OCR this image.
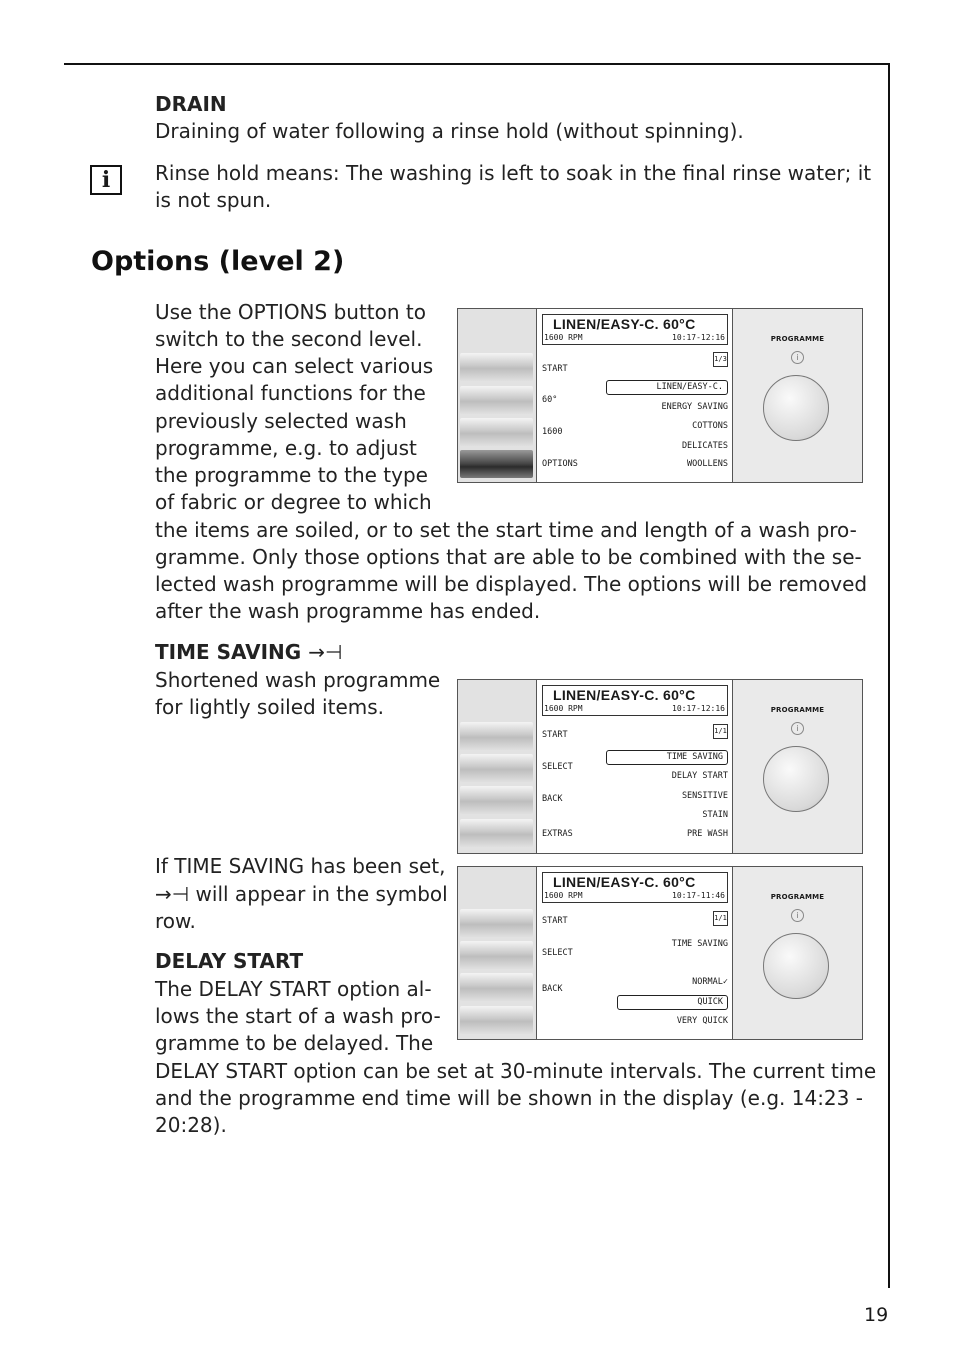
DRAIN
Draining of water following a rinse hold (without spinning).
i	Rinse hold means: The washing is left to soak in the final rinse water; it
is not spun.
Options (level 2)
Use the OPTIONS button to
switch to the second level.
Here you can select various
additional functions for the
previously selected wash
programme, e.g. to adjust
the programme to the type
of fabric or degree to which
the items are soiled, or to set the start time and length of a wash pro-
gramme. Only those options that are able to be combined with the se-
lected wash programme will be displayed. The options will be removed
after the wash programme has ended.
TIME SAVING →⊣
Shortened wash programme
for lightly soiled items.
If TIME SAVING has been set,
→⊣ will appear in the symbol
row.
DELAY START
The DELAY START option al-
lows the start of a wash pro-
gramme to be delayed. The
DELAY START option can be set at 30-minute intervals. The current time
and the programme end time will be shown in the display (e.g. 14:23 -
20:28).
LINEN/EASY-C. 60°C
1600 RPM	10:17-12:16
1/3
START
60°
1600
OPTIONS
LINEN/EASY-C.
ENERGY SAVING
COTTONS
DELICATES
WOOLLENS
PROGRAMME
i
LINEN/EASY-C. 60°C
1600 RPM	10:17-12:16
1/1
START
SELECT
BACK
EXTRAS
TIME SAVING
DELAY START
SENSITIVE
STAIN
PRE WASH
PROGRAMME
i
LINEN/EASY-C. 60°C
1600 RPM	10:17-11:46
1/1
START
SELECT
BACK
TIME SAVING
NORMAL✓
QUICK
VERY QUICK
PROGRAMME
i
19
